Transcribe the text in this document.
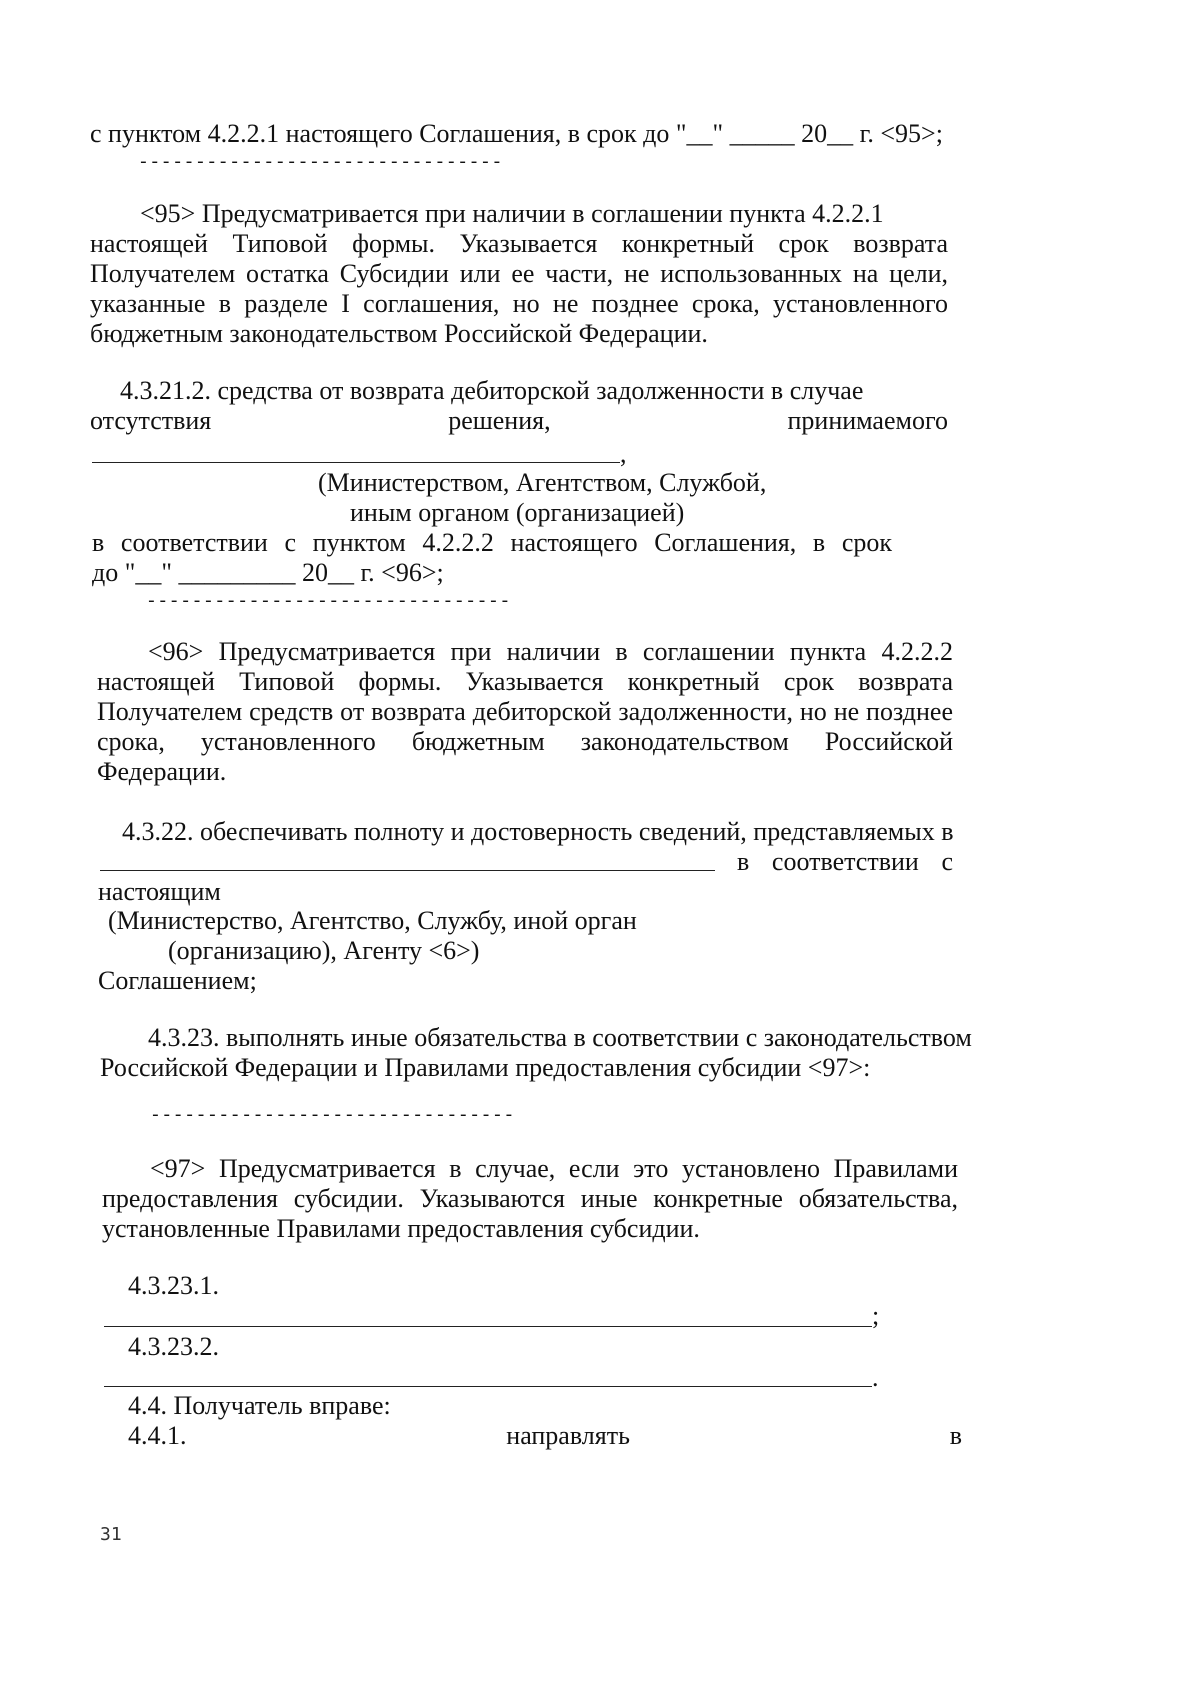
с пунктом 4.2.2.1 настоящего Соглашения, в срок до "__" _____ 20__ г. <95>;
--------------------------------
<95> Предусматривается при наличии в соглашении пункта 4.2.2.1
настоящей Типовой формы. Указывается конкретный срок возврата
Получателем остатка Субсидии или ее части, не использованных на цели,
указанные в разделе I соглашения, но не позднее срока, установленного
бюджетным законодательством Российской Федерации.
4.3.21.2. средства от возврата дебиторской задолженности в случае
отсутствия	решения,	принимаемого
,
(Министерством, Агентством, Службой,
иным органом (организацией)
в соответствии с пунктом 4.2.2.2 настоящего Соглашения, в срок
до "__" _________ 20__ г. <96>;
--------------------------------
<96> Предусматривается при наличии в соглашении пункта 4.2.2.2
настоящей Типовой формы. Указывается конкретный срок возврата
Получателем средств от возврата дебиторской задолженности, но не позднее
срока, установленного бюджетным законодательством Российской
Федерации.
4.3.22. обеспечивать полноту и достоверность сведений, представляемых в
в соответствии с
настоящим
(Министерство, Агентство, Службу, иной орган
(организацию), Агенту <6>)
Соглашением;
4.3.23. выполнять иные обязательства в соответствии с законодательством
Российской Федерации и Правилами предоставления субсидии <97>:
--------------------------------
<97> Предусматривается в случае, если это установлено Правилами
предоставления субсидии. Указываются иные конкретные обязательства,
установленные Правилами предоставления субсидии.
4.3.23.1.
;
4.3.23.2.
.
4.4. Получатель вправе:
4.4.1.	направлять	в
31
